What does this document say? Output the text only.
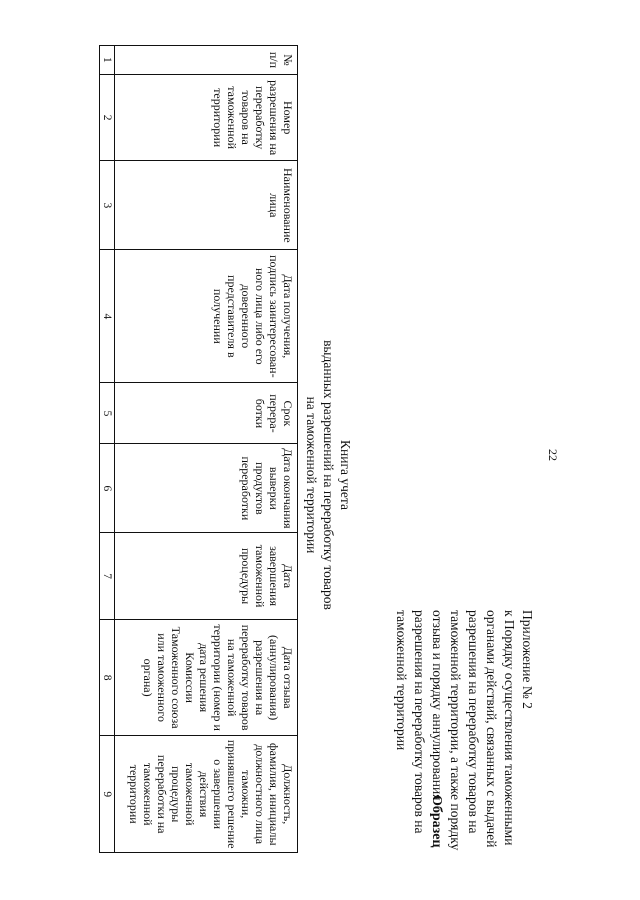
22
Приложение № 2
к Порядку осуществления таможенными
органами действий, связанных с выдачей
разрешения на переработку товаров на
таможенной территории, а также порядку
отзыва и порядку аннулирования
разрешения на переработку товаров на
таможенной территории
Образец
Книга учета
выданных разрешений на переработку товаров
на таможенной территории
№ п/п	Номер разрешения на переработку товаров на таможенной территории	Наименование лица	Дата получения, подпись заинтересован-ного лица либо его доверенного представителя в получении	Срок перера-ботки	Дата окончания выверки продуктов переработки	Дата завершения таможенной процедуры	Дата отзыва (аннулирования) разрешения на переработку товаров на таможенной территории (номер и дата решения Комиссии Таможенного союза или таможенного органа)	Должность, фамилия, инициалы должностного лица таможни, принявшего решение о завершении действия таможенной процедуры переработки на таможенной территории
1	2	3	4	5	6	7	8	9
